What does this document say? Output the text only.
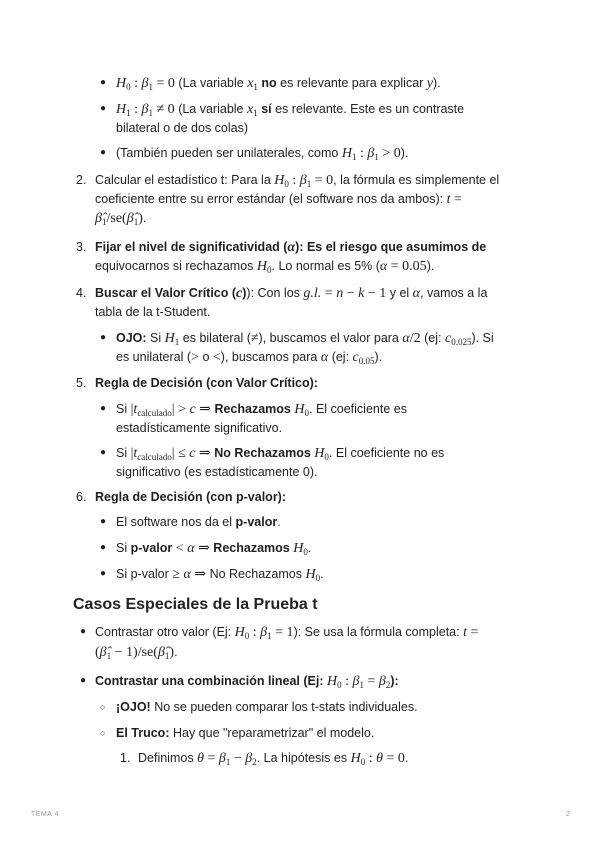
● $H_0$ : $\beta_1 = 0$ (La variable $x_1$ no es relevante para explicar y).
● $H_1$ : $\beta_1 \ne 0$ (La variable $x_1$ sí es relevante. Este es un contraste
bilateral o de dos colas)
● (También pueden ser unilaterales, como $H_1$ : $\beta_1 > 0$).
2. Calcular el estadístico t: Para la $H_0$ : $\beta_1 = 0$, la fórmula es simplemente el
coeficiente entre su error estándar (el software nos da ambos): t =
$\betâ_1/se(\betâ_1)$.
3. Fijar el nivel de significatividad (α): Es el riesgo que asumimos de
equivocarnos si rechazamos $H_0$. Lo normal es 5% (α = 0.05).
4. Buscar el Valor Crítico (c)): Con los g.l. = n − k − 1 y el α, vamos a la
tabla de la t-Student.
● OJO: Si $H_1$ es bilateral (≠), buscamos el valor para α/2 (ej: $c_{0.025}$). Si
es unilateral (> o <), buscamos para α (ej: $c_{0.05}$).
5. Regla de Decisión (con Valor Crítico):
● Si $|t_{calculado}| > c$ ⇒ Rechazamos $H_0$. El coeficiente es
estadísticamente significativo.
● Si $|t_{calculado}| \le c$ ⇒ No Rechazamos $H_0$. El coeficiente no es
significativo (es estadísticamente 0).
6. Regla de Decisión (con p-valor):
● El software nos da el p-valor.
● Si p-valor < α ⇒ Rechazamos $H_0$.
● Si p-valor ≥ α ⇒ No Rechazamos $H_0$.
Casos Especiales de la Prueba t
● Contrastar otro valor (Ej: $H_0$ : $\beta_1 = 1$): Se usa la fórmula completa: t =
($\betâ_1$ − $1)/se(\betâ_1)$.
● Contrastar una combinación lineal (Ej: $H_0$ : $\beta_1 = \beta_2$):
○ ¡OJO! No se pueden comparar los t-stats individuales.
○ El Truco: Hay que "reparametrizar" el modelo.
1. Definimos $\theta = \beta_1 - \beta_2$. La hipótesis es $H_0$ : θ = 0.
TEMA 4	2
